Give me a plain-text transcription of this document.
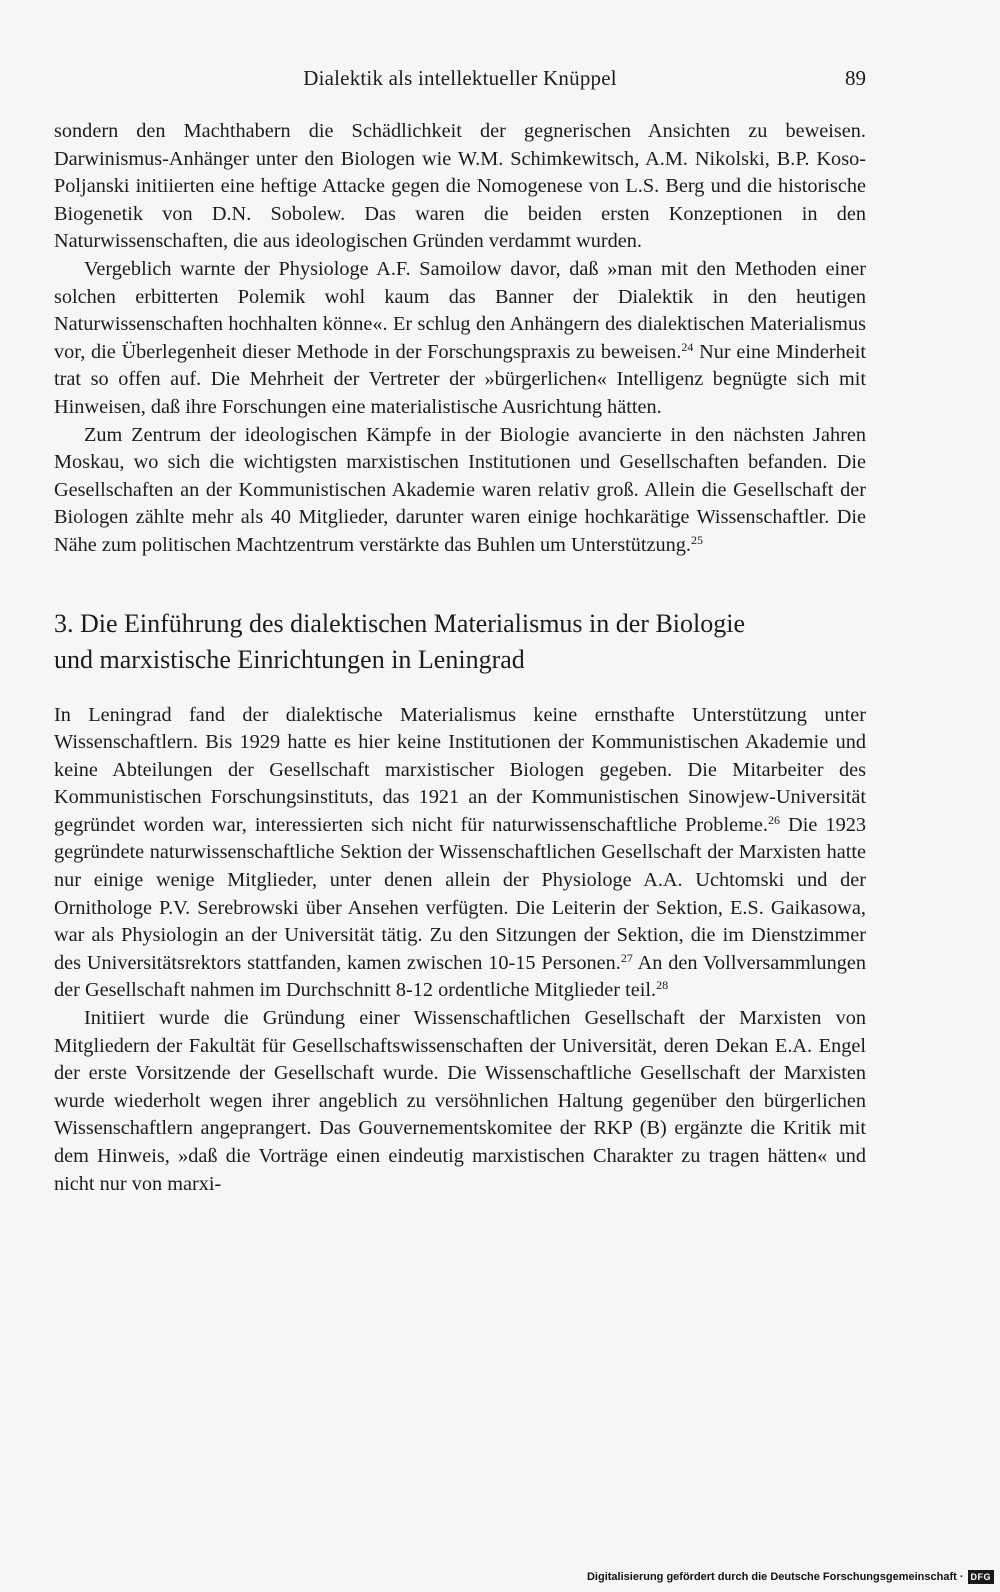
Dialektik als intellektueller Knüppel	89

sondern den Machthabern die Schädlichkeit der gegnerischen Ansichten zu beweisen. Darwinismus-Anhänger unter den Biologen wie W.M. Schimkewitsch, A.M. Nikolski, B.P. Koso-Poljanski initiierten eine heftige Attacke gegen die Nomogenese von L.S. Berg und die historische Biogenetik von D.N. Sobolew. Das waren die beiden ersten Konzeptionen in den Naturwissenschaften, die aus ideologischen Gründen verdammt wurden.

Vergeblich warnte der Physiologe A.F. Samoilow davor, daß »man mit den Methoden einer solchen erbitterten Polemik wohl kaum das Banner der Dialektik in den heutigen Naturwissenschaften hochhalten könne«. Er schlug den Anhängern des dialektischen Materialismus vor, die Überlegenheit dieser Methode in der Forschungspraxis zu beweisen.$^{24}$ Nur eine Minderheit trat so offen auf. Die Mehrheit der Vertreter der »bürgerlichen« Intelligenz begnügte sich mit Hinweisen, daß ihre Forschungen eine materialistische Ausrichtung hätten.

Zum Zentrum der ideologischen Kämpfe in der Biologie avancierte in den nächsten Jahren Moskau, wo sich die wichtigsten marxistischen Institutionen und Gesellschaften befanden. Die Gesellschaften an der Kommunistischen Akademie waren relativ groß. Allein die Gesellschaft der Biologen zählte mehr als 40 Mitglieder, darunter waren einige hochkarätige Wissenschaftler. Die Nähe zum politischen Machtzentrum verstärkte das Buhlen um Unterstützung.$^{25}$

3. Die Einführung des dialektischen Materialismus in der Biologie
und marxistische Einrichtungen in Leningrad

In Leningrad fand der dialektische Materialismus keine ernsthafte Unterstützung unter Wissenschaftlern. Bis 1929 hatte es hier keine Institutionen der Kommunistischen Akademie und keine Abteilungen der Gesellschaft marxistischer Biologen gegeben. Die Mitarbeiter des Kommunistischen Forschungsinstituts, das 1921 an der Kommunistischen Sinowjew-Universität gegründet worden war, interessierten sich nicht für naturwissenschaftliche Probleme.$^{26}$ Die 1923 gegründete naturwissenschaftliche Sektion der Wissenschaftlichen Gesellschaft der Marxisten hatte nur einige wenige Mitglieder, unter denen allein der Physiologe A.A. Uchtomski und der Ornithologe P.V. Serebrowski über Ansehen verfügten. Die Leiterin der Sektion, E.S. Gaikasowa, war als Physiologin an der Universität tätig. Zu den Sitzungen der Sektion, die im Dienstzimmer des Universitätsrektors stattfanden, kamen zwischen 10-15 Personen.$^{27}$ An den Vollversammlungen der Gesellschaft nahmen im Durchschnitt 8-12 ordentliche Mitglieder teil.$^{28}$

Initiiert wurde die Gründung einer Wissenschaftlichen Gesellschaft der Marxisten von Mitgliedern der Fakultät für Gesellschaftswissenschaften der Universität, deren Dekan E.A. Engel der erste Vorsitzende der Gesellschaft wurde. Die Wissenschaftliche Gesellschaft der Marxisten wurde wiederholt wegen ihrer angeblich zu versöhnlichen Haltung gegenüber den bürgerlichen Wissenschaftlern angeprangert. Das Gouvernementskomitee der RKP (B) ergänzte die Kritik mit dem Hinweis, »daß die Vorträge einen eindeutig marxistischen Charakter zu tragen hätten« und nicht nur von marxi-

Digitalisierung gefördert durch die Deutsche Forschungsgemeinschaft · DFG
